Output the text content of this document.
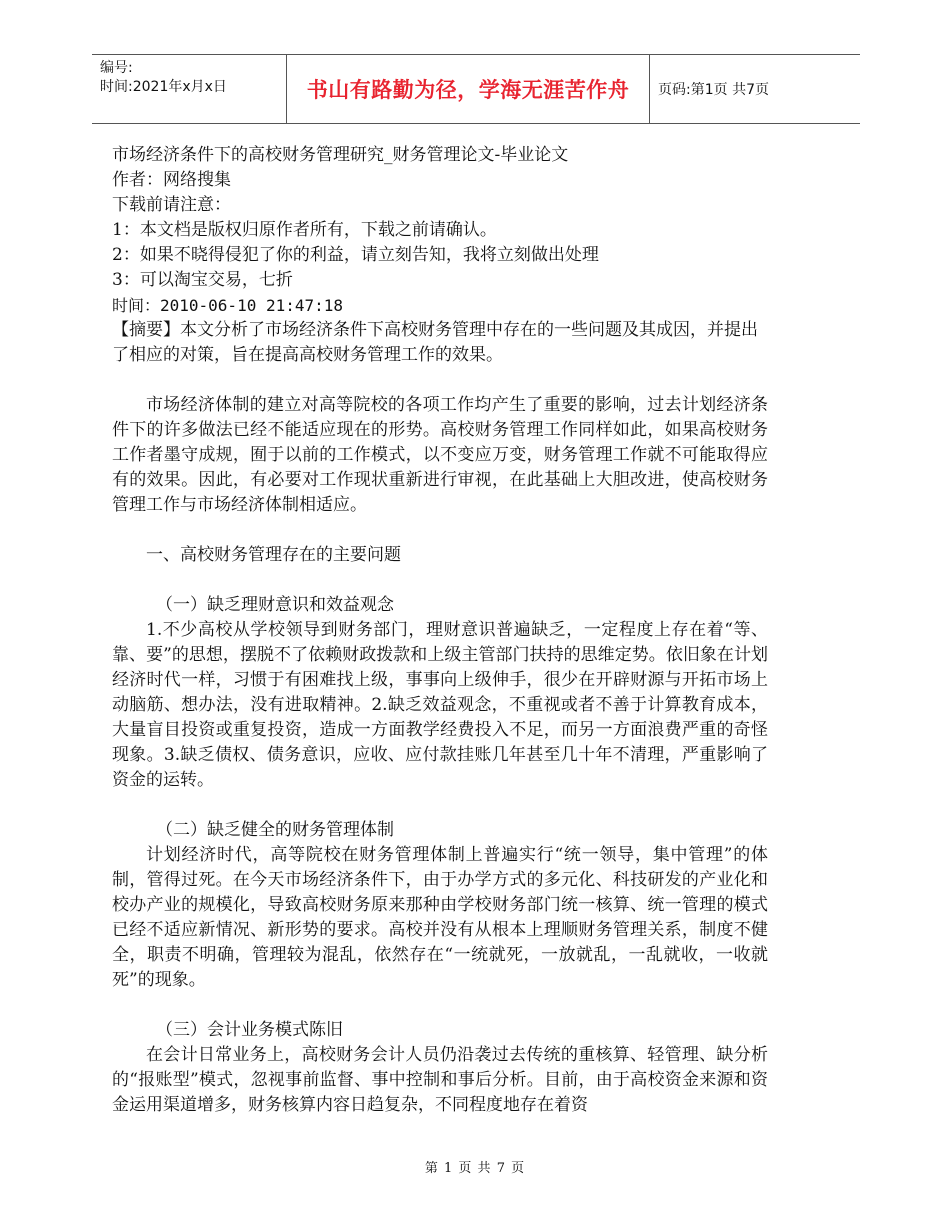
编号:
时间:2021年x月x日	书山有路勤为径，学海无涯苦作舟 页码:第1页 共7页
市场经济条件下的高校财务管理研究_财务管理论文-毕业论文
作者：网络搜集
下载前请注意：
1：本文档是版权归原作者所有，下载之前请确认。
2：如果不晓得侵犯了你的利益，请立刻告知，我将立刻做出处理
3：可以淘宝交易，七折
时间：2010-06-10 21:47:18
【摘要】本文分析了市场经济条件下高校财务管理中存在的一些问题及其成因，并提出了相应的对策，旨在提高高校财务管理工作的效果。
市场经济体制的建立对高等院校的各项工作均产生了重要的影响，过去计划经济条件下的许多做法已经不能适应现在的形势。高校财务管理工作同样如此，如果高校财务工作者墨守成规，囿于以前的工作模式，以不变应万变，财务管理工作就不可能取得应有的效果。因此，有必要对工作现状重新进行审视，在此基础上大胆改进，使高校财务管理工作与市场经济体制相适应。
一、高校财务管理存在的主要问题
（一）缺乏理财意识和效益观念
1.不少高校从学校领导到财务部门，理财意识普遍缺乏，一定程度上存在着“等、靠、要”的思想，摆脱不了依赖财政拨款和上级主管部门扶持的思维定势。依旧象在计划经济时代一样，习惯于有困难找上级，事事向上级伸手，很少在开辟财源与开拓市场上动脑筋、想办法，没有进取精神。2.缺乏效益观念，不重视或者不善于计算教育成本，大量盲目投资或重复投资，造成一方面教学经费投入不足，而另一方面浪费严重的奇怪现象。3.缺乏债权、债务意识，应收、应付款挂账几年甚至几十年不清理，严重影响了资金的运转。
（二）缺乏健全的财务管理体制
计划经济时代，高等院校在财务管理体制上普遍实行“统一领导，集中管理”的体制，管得过死。在今天市场经济条件下，由于办学方式的多元化、科技研发的产业化和校办产业的规模化，导致高校财务原来那种由学校财务部门统一核算、统一管理的模式已经不适应新情况、新形势的要求。高校并没有从根本上理顺财务管理关系，制度不健全，职责不明确，管理较为混乱，依然存在“一统就死，一放就乱，一乱就收，一收就死”的现象。
（三）会计业务模式陈旧
在会计日常业务上，高校财务会计人员仍沿袭过去传统的重核算、轻管理、缺分析的“报账型”模式，忽视事前监督、事中控制和事后分析。目前，由于高校资金来源和资金运用渠道增多，财务核算内容日趋复杂，不同程度地存在着资
第 1 页 共 7 页
